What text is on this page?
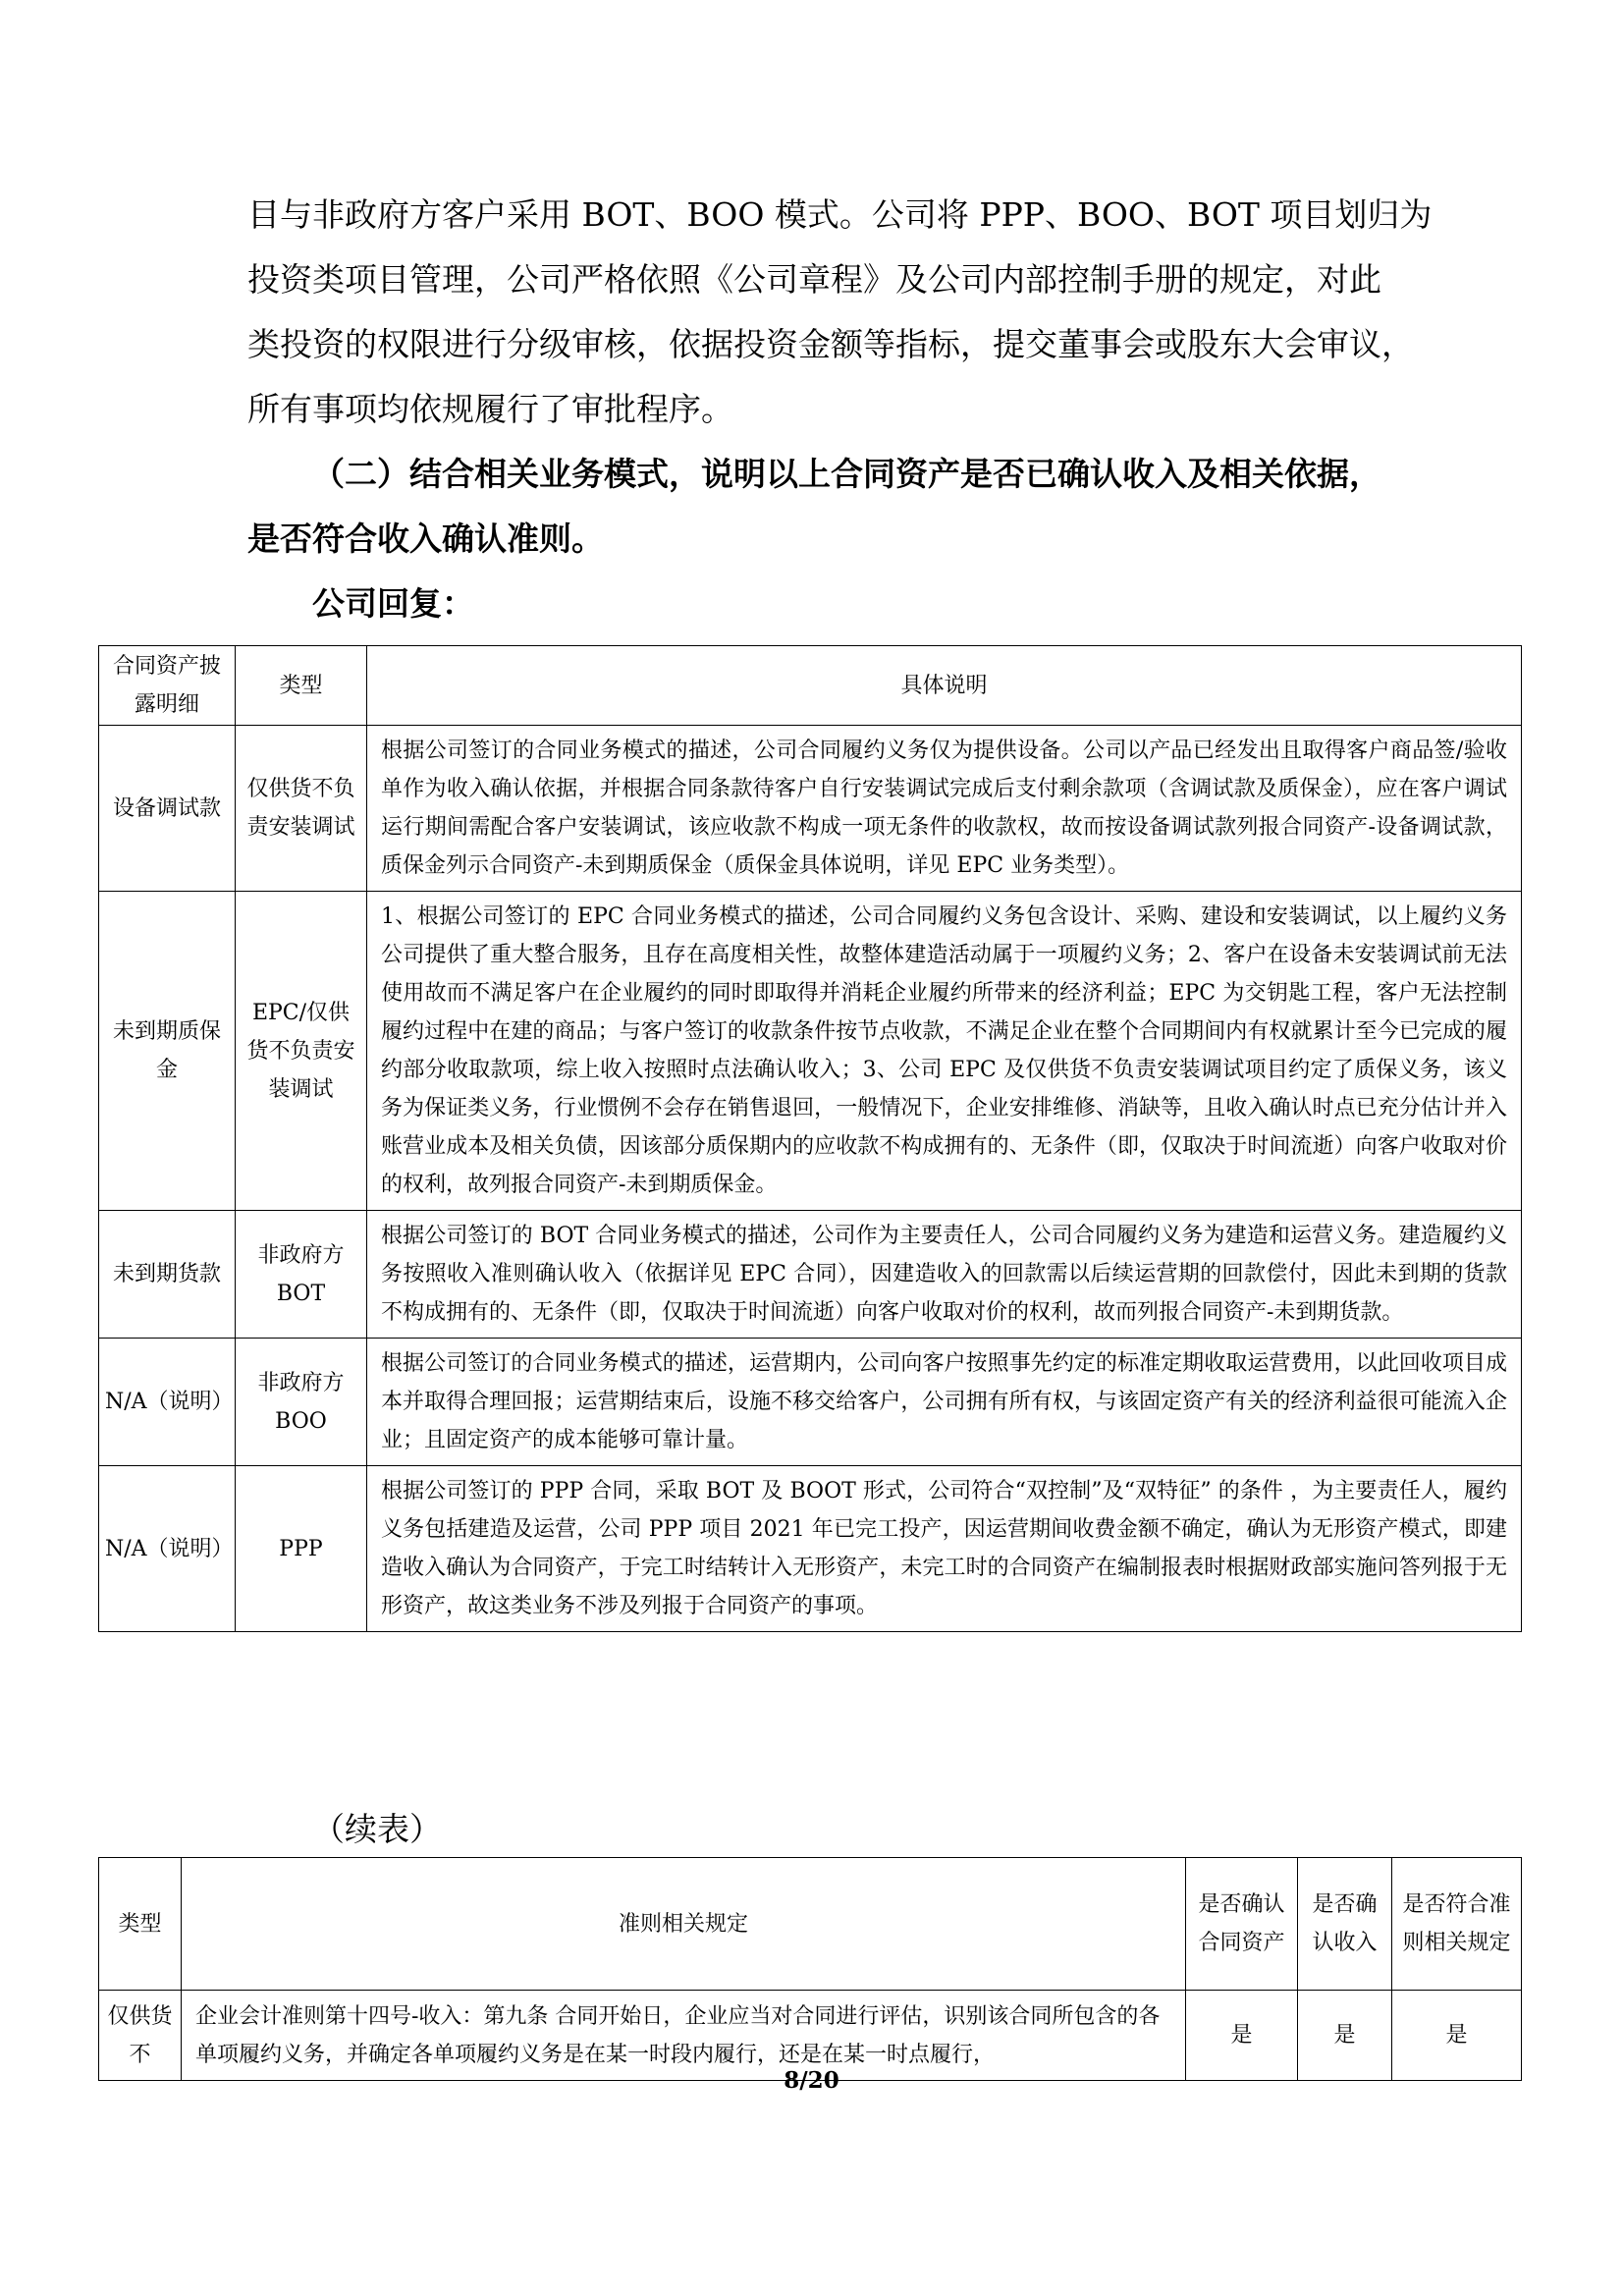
目与非政府方客户采用 BOT、BOO 模式。公司将 PPP、BOO、BOT 项目划归为
投资类项目管理，公司严格依照《公司章程》及公司内部控制手册的规定，对此
类投资的权限进行分级审核，依据投资金额等指标，提交董事会或股东大会审议，
所有事项均依规履行了审批程序。
（二）结合相关业务模式，说明以上合同资产是否已确认收入及相关依据，
是否符合收入确认准则。
公司回复：
合同资产披露明细	类型	具体说明
设备调试款	仅供货不负责安装调试	根据公司签订的合同业务模式的描述，公司合同履约义务仅为提供设备。公司以产品已经发出且取得客户商品签/验收单作为收入确认依据，并根据合同条款待客户自行安装调试完成后支付剩余款项（含调试款及质保金），应在客户调试运行期间需配合客户安装调试，该应收款不构成一项无条件的收款权，故而按设备调试款列报合同资产-设备调试款，质保金列示合同资产-未到期质保金（质保金具体说明，详见 EPC 业务类型）。
未到期质保金	EPC/仅供货不负责安装调试	1、根据公司签订的 EPC 合同业务模式的描述，公司合同履约义务包含设计、采购、建设和安装调试，以上履约义务公司提供了重大整合服务，且存在高度相关性，故整体建造活动属于一项履约义务；2、客户在设备未安装调试前无法使用故而不满足客户在企业履约的同时即取得并消耗企业履约所带来的经济利益；EPC 为交钥匙工程，客户无法控制履约过程中在建的商品；与客户签订的收款条件按节点收款，不满足企业在整个合同期间内有权就累计至今已完成的履约部分收取款项，综上收入按照时点法确认收入；3、公司 EPC 及仅供货不负责安装调试项目约定了质保义务，该义务为保证类义务，行业惯例不会存在销售退回，一般情况下，企业安排维修、消缺等，且收入确认时点已充分估计并入账营业成本及相关负债，因该部分质保期内的应收款不构成拥有的、无条件（即，仅取决于时间流逝）向客户收取对价的权利，故列报合同资产-未到期质保金。
未到期货款	非政府方BOT	根据公司签订的 BOT 合同业务模式的描述，公司作为主要责任人，公司合同履约义务为建造和运营义务。建造履约义务按照收入准则确认收入（依据详见 EPC 合同），因建造收入的回款需以后续运营期的回款偿付，因此未到期的货款不构成拥有的、无条件（即，仅取决于时间流逝）向客户收取对价的权利，故而列报合同资产-未到期货款。
N/A（说明）	非政府方BOO	根据公司签订的合同业务模式的描述，运营期内，公司向客户按照事先约定的标准定期收取运营费用，以此回收项目成本并取得合理回报；运营期结束后，设施不移交给客户，公司拥有所有权，与该固定资产有关的经济利益很可能流入企业；且固定资产的成本能够可靠计量。
N/A（说明）	PPP	根据公司签订的 PPP 合同，采取 BOT 及 BOOT 形式，公司符合“双控制”及“双特征” 的条件 ，为主要责任人，履约义务包括建造及运营，公司 PPP 项目 2021 年已完工投产，因运营期间收费金额不确定，确认为无形资产模式，即建造收入确认为合同资产，于完工时结转计入无形资产，未完工时的合同资产在编制报表时根据财政部实施问答列报于无形资产，故这类业务不涉及列报于合同资产的事项。
（续表）
类型	准则相关规定	是否确认合同资产	是否确认收入	是否符合准则相关规定
仅供货不	企业会计准则第十四号-收入：第九条 合同开始日，企业应当对合同进行评估，识别该合同所包含的各单项履约义务，并确定各单项履约义务是在某一时段内履行，还是在某一时点履行，	是	是	是
8/20
